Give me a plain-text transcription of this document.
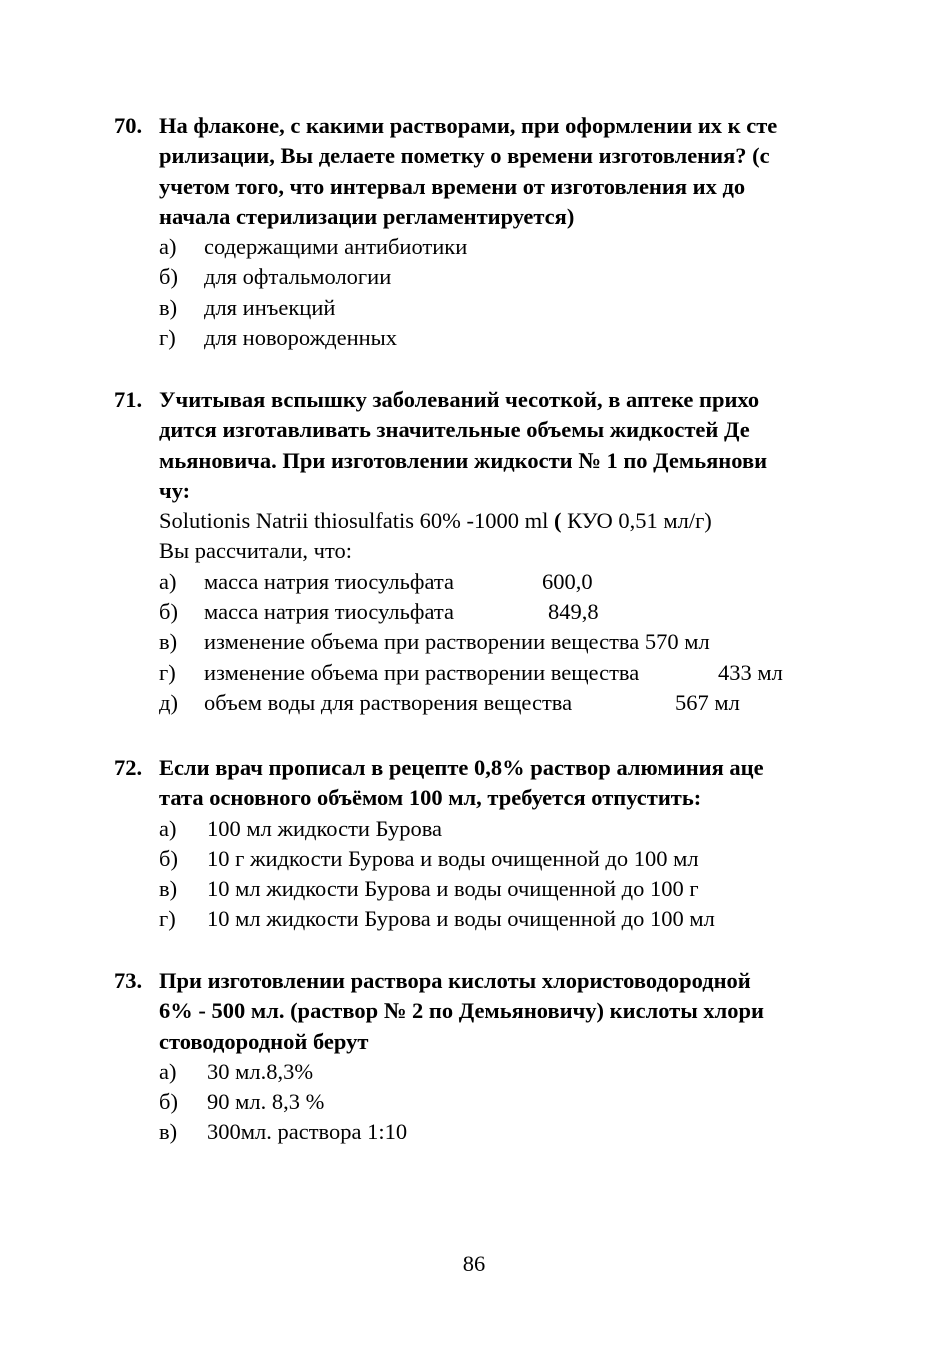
70. На флаконе, с какими растворами, при оформлении их к сте
рилизации, Вы делаете пометку о времени изготовления? (с
учетом того, что интервал времени от изготовления их до
начала стерилизации регламентируется)
а) содержащими антибиотики
б) для офтальмологии
в) для инъекций
г) для новорожденных
71. Учитывая вспышку заболеваний чесоткой, в аптеке прихо
дится изготавливать значительные объемы жидкостей Де
мьяновича. При изготовлении жидкости № 1 по Демьянови
чу:
Solutionis Natrii thiosulfatis 60% -1000 ml ( КУО 0,51 мл/г)
Вы рассчитали, что:
а) масса натрия тиосульфата	600,0
б) масса натрия тиосульфата	849,8
в) изменение объема при растворении вещества 570 мл
г) изменение объема при растворении вещества	433 мл
д) объем воды для растворения вещества	567 мл
72. Если врач прописал в рецепте 0,8% раствор алюминия аце
тата основного объёмом 100 мл, требуется отпустить:
а) 100 мл жидкости Бурова
б) 10 г жидкости Бурова и воды очищенной до 100 мл
в) 10 мл жидкости Бурова и воды очищенной до 100 г
г) 10 мл жидкости Бурова и воды очищенной до 100 мл
73. При изготовлении раствора кислоты хлористоводородной
6% - 500 мл. (раствор № 2 по Демьяновичу) кислоты хлори
стоводородной берут
а) 30 мл.8,3%
б) 90 мл. 8,3 %
в) 300мл. раствора 1:10
86
